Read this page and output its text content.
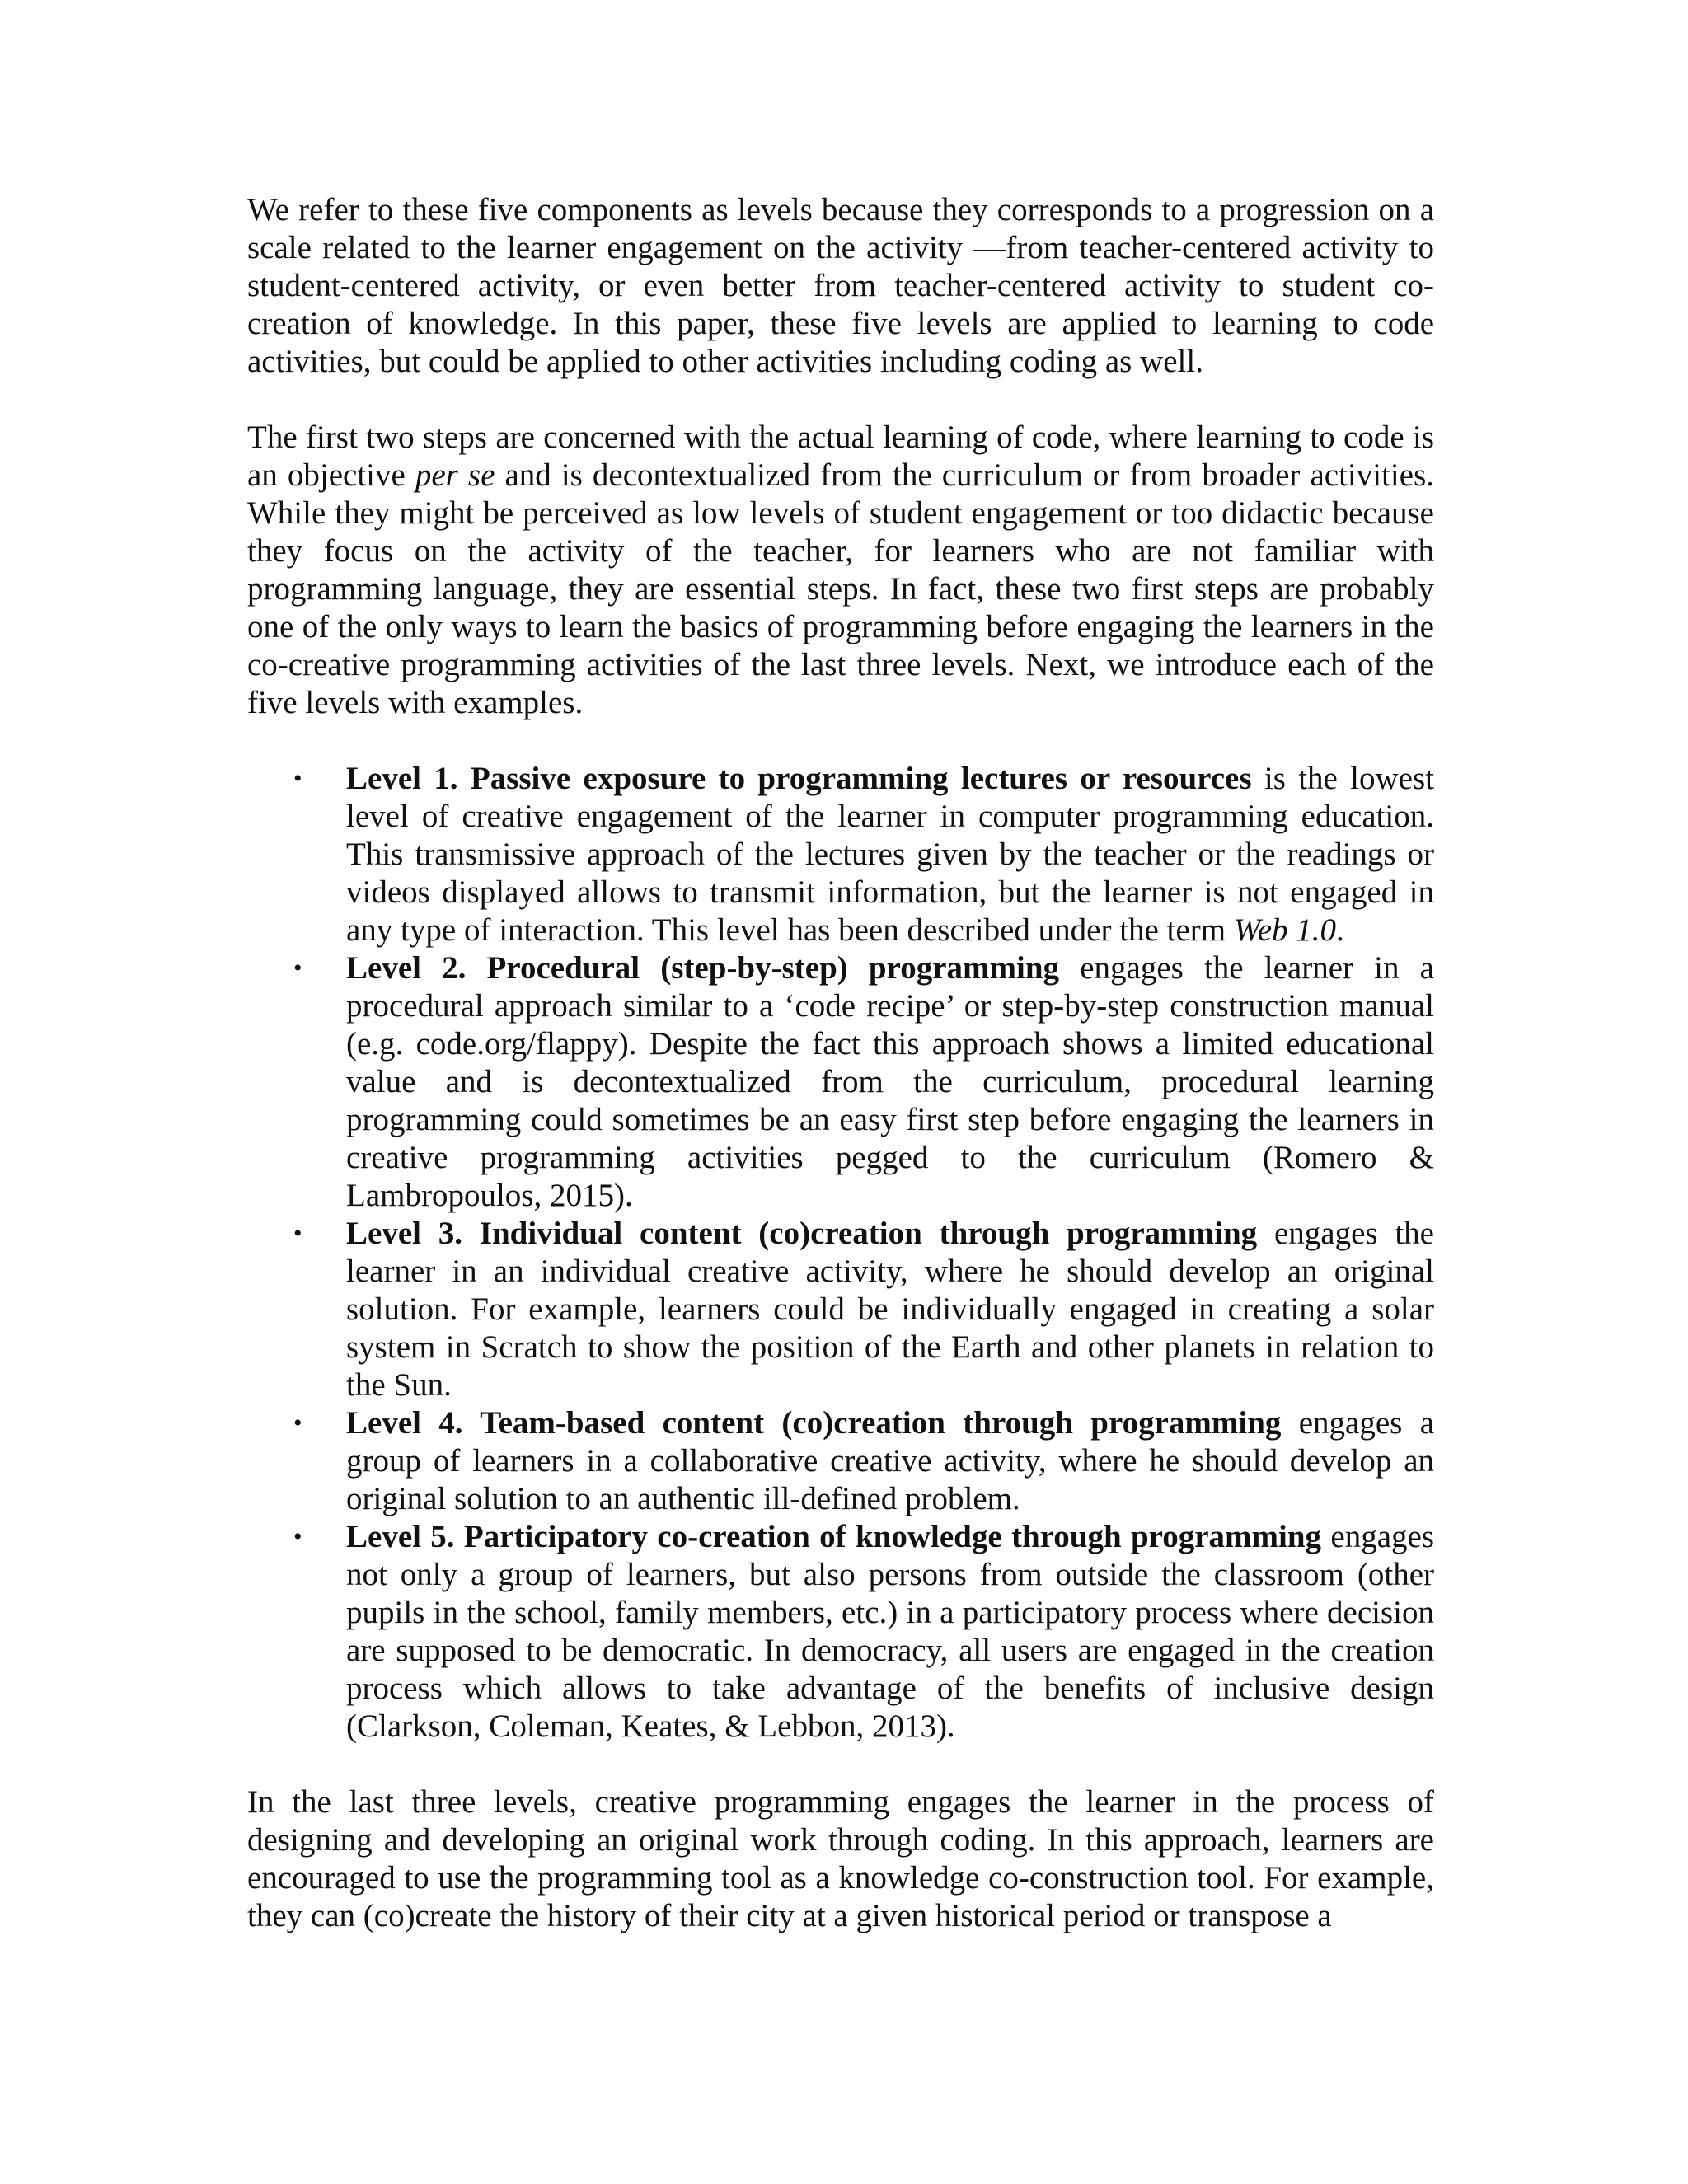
We refer to these five components as levels because they corresponds to a progression on a scale related to the learner engagement on the activity —from teacher-centered activity to student-centered activity, or even better from teacher-centered activity to student co-creation of knowledge. In this paper, these five levels are applied to learning to code activities, but could be applied to other activities including coding as well.

The first two steps are concerned with the actual learning of code, where learning to code is an objective per se and is decontextualized from the curriculum or from broader activities. While they might be perceived as low levels of student engagement or too didactic because they focus on the activity of the teacher, for learners who are not familiar with programming language, they are essential steps. In fact, these two first steps are probably one of the only ways to learn the basics of programming before engaging the learners in the co-creative programming activities of the last three levels. Next, we introduce each of the five levels with examples.

• Level 1. Passive exposure to programming lectures or resources is the lowest level of creative engagement of the learner in computer programming education. This transmissive approach of the lectures given by the teacher or the readings or videos displayed allows to transmit information, but the learner is not engaged in any type of interaction. This level has been described under the term Web 1.0.
• Level 2. Procedural (step-by-step) programming engages the learner in a procedural approach similar to a ‘code recipe’ or step-by-step construction manual (e.g. code.org/flappy). Despite the fact this approach shows a limited educational value and is decontextualized from the curriculum, procedural learning programming could sometimes be an easy first step before engaging the learners in creative programming activities pegged to the curriculum (Romero & Lambropoulos, 2015).
• Level 3. Individual content (co)creation through programming engages the learner in an individual creative activity, where he should develop an original solution. For example, learners could be individually engaged in creating a solar system in Scratch to show the position of the Earth and other planets in relation to the Sun.
• Level 4. Team-based content (co)creation through programming engages a group of learners in a collaborative creative activity, where he should develop an original solution to an authentic ill-defined problem.
• Level 5. Participatory co-creation of knowledge through programming engages not only a group of learners, but also persons from outside the classroom (other pupils in the school, family members, etc.) in a participatory process where decision are supposed to be democratic. In democracy, all users are engaged in the creation process which allows to take advantage of the benefits of inclusive design (Clarkson, Coleman, Keates, & Lebbon, 2013).

In the last three levels, creative programming engages the learner in the process of designing and developing an original work through coding. In this approach, learners are encouraged to use the programming tool as a knowledge co-construction tool. For example, they can (co)create the history of their city at a given historical period or transpose a
